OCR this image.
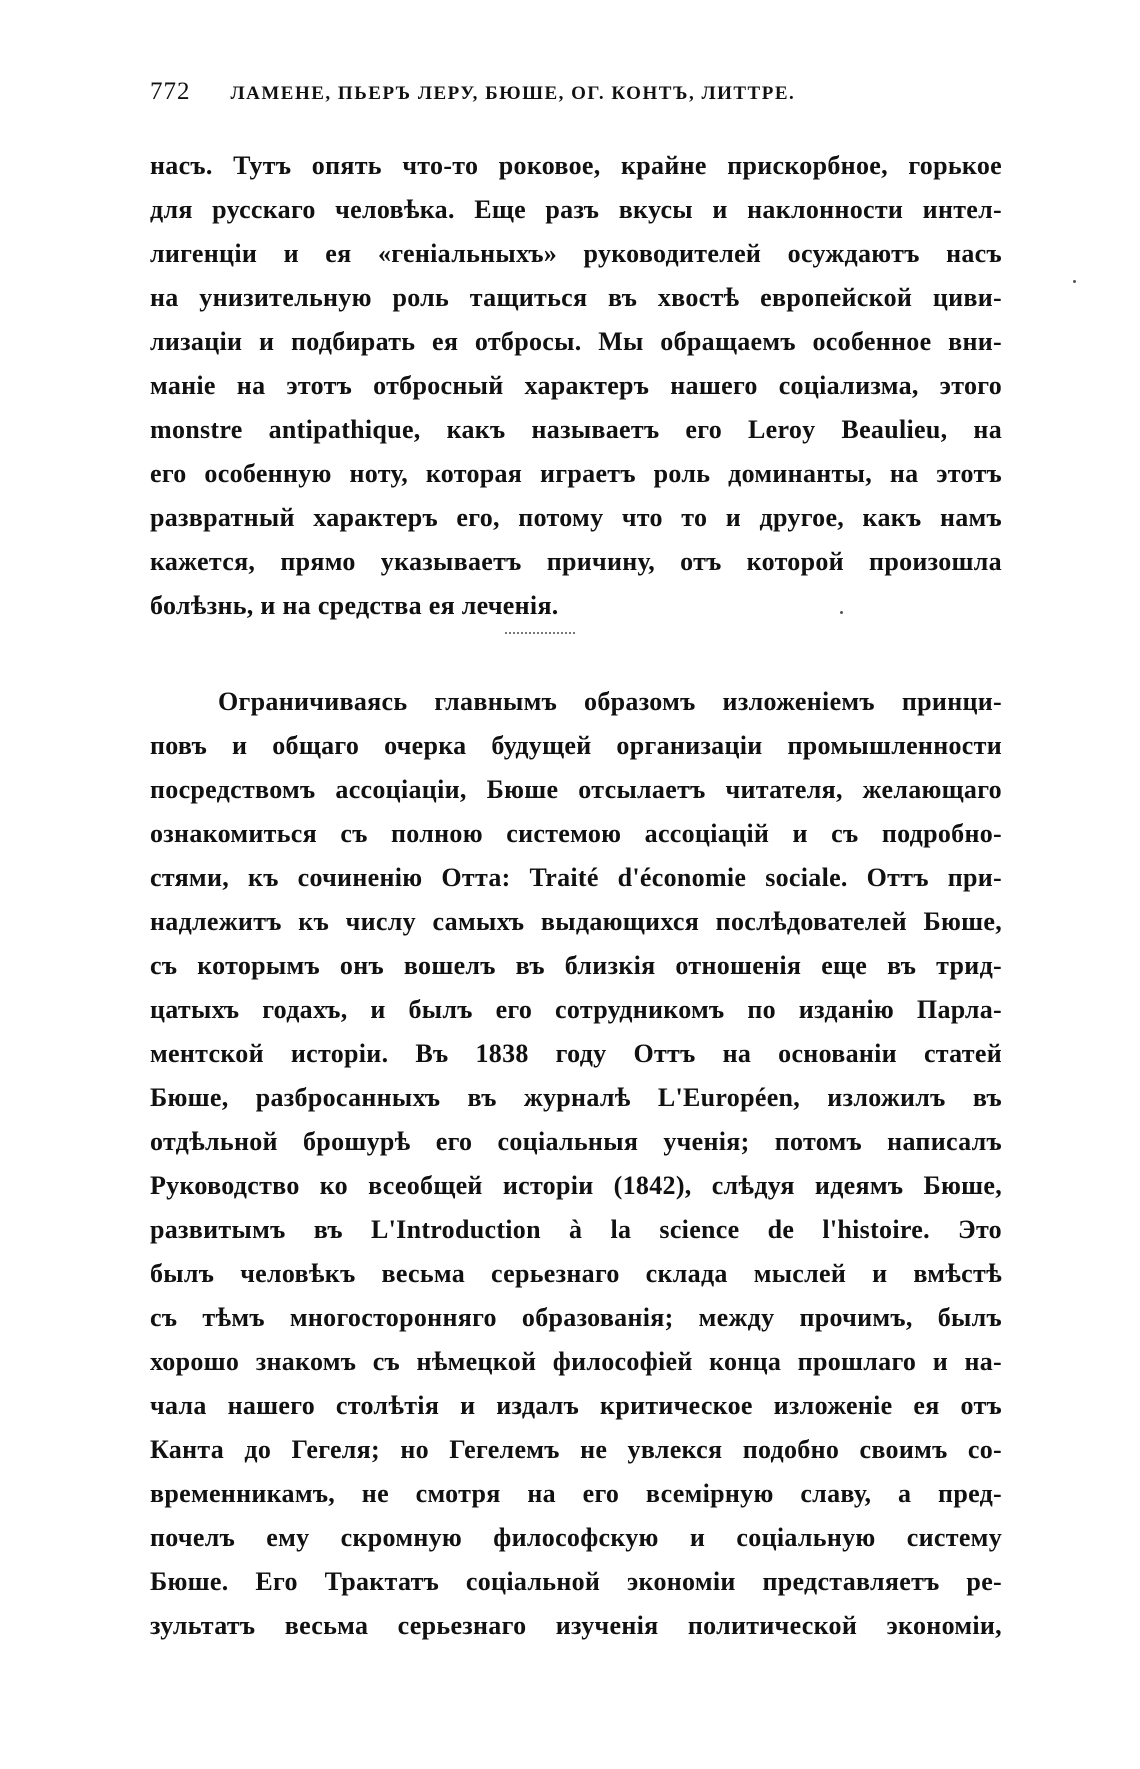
772 ЛАМЕНЕ, ПЬЕРЪ ЛЕРУ, БЮШЕ, ОГ. КОНТЪ, ЛИТТРЕ.
насъ. Тутъ опять что-то роковое, крайне прискорбное, горькое
для русскаго человѣка. Еще разъ вкусы и наклонности интел-
лигенціи и ея «геніальныхъ» руководителей осуждаютъ насъ
на унизительную роль тащиться въ хвостѣ европейской циви-
лизаціи и подбирать ея отбросы. Мы обращаемъ особенное вни-
маніе на этотъ отбросный характеръ нашего соціализма, этого
monstre antipathique, какъ называетъ его Leroy Beaulieu, на
его особенную ноту, которая играетъ роль доминанты, на этотъ
развратный характеръ его, потому что то и другое, какъ намъ
кажется, прямо указываетъ причину, отъ которой произошла
болѣзнь, и на средства ея леченія.
Ограничиваясь главнымъ образомъ изложеніемъ принци-
повъ и общаго очерка будущей организаціи промышленности
посредствомъ ассоціаціи, Бюше отсылаетъ читателя, желающаго
ознакомиться съ полною системою ассоціацій и съ подробно-
стями, къ сочиненію Отта: Traité d'économie sociale. Оттъ при-
надлежитъ къ числу самыхъ выдающихся послѣдователей Бюше,
съ которымъ онъ вошелъ въ близкія отношенія еще въ трид-
цатыхъ годахъ, и былъ его сотрудникомъ по изданію Парла-
ментской исторіи. Въ 1838 году Оттъ на основаніи статей
Бюше, разбросанныхъ въ журналѣ L'Européen, изложилъ въ
отдѣльной брошурѣ его соціальныя ученія; потомъ написалъ
Руководство ко всеобщей исторіи (1842), слѣдуя идеямъ Бюше,
развитымъ въ L'Introduction à la science de l'histoire. Это
былъ человѣкъ весьма серьезнаго склада мыслей и вмѣстѣ
съ тѣмъ многосторонняго образованія; между прочимъ, былъ
хорошо знакомъ съ нѣмецкой философіей конца прошлаго и на-
чала нашего столѣтія и издалъ критическое изложеніе ея отъ
Канта до Гегеля; но Гегелемъ не увлекся подобно своимъ со-
временникамъ, не смотря на его всемірную славу, а пред-
почелъ ему скромную философскую и соціальную систему
Бюше. Его Трактатъ соціальной экономіи представляетъ ре-
зультатъ весьма серьезнаго изученія политической экономіи,
